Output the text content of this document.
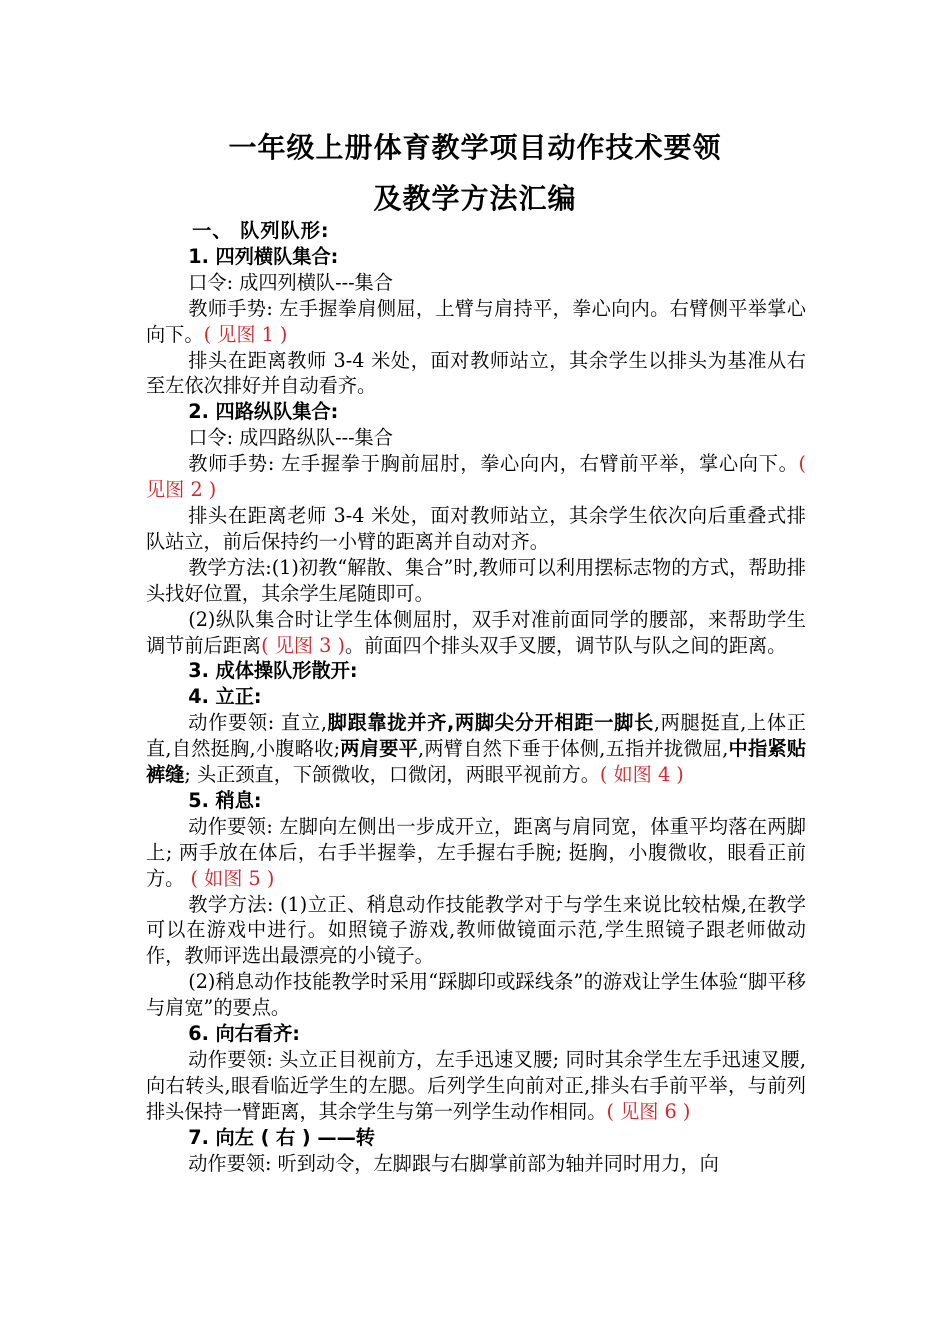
一年级上册体育教学项目动作技术要领
及教学方法汇编

一、 队列队形:

1. 四列横队集合:

口令: 成四列横队---集合

教师手势: 左手握拳肩侧屈，上臂与肩持平，拳心向内。右臂侧平举掌心向下。( 见图 1 )

排头在距离教师 3-4 米处，面对教师站立，其余学生以排头为基准从右至左依次排好并自动看齐。

2. 四路纵队集合:

口令: 成四路纵队---集合

教师手势: 左手握拳于胸前屈肘，拳心向内，右臂前平举，掌心向下。( 见图 2 )

排头在距离老师 3-4 米处，面对教师站立，其余学生依次向后重叠式排队站立，前后保持约一小臂的距离并自动对齐。

教学方法:(1)初教“解散、集合”时,教师可以利用摆标志物的方式，帮助排头找好位置，其余学生尾随即可。

(2)纵队集合时让学生体侧屈肘，双手对准前面同学的腰部，来帮助学生调节前后距离( 见图 3 )。前面四个排头双手叉腰，调节队与队之间的距离。

3. 成体操队形散开:

4. 立正:

动作要领: 直立,脚跟靠拢并齐,两脚尖分开相距一脚长,两腿挺直,上体正直,自然挺胸,小腹略收;两肩要平,两臂自然下垂于体侧,五指并拢微屈,中指紧贴裤缝; 头正颈直，下颌微收，口微闭，两眼平视前方。( 如图 4 )

5. 稍息:

动作要领: 左脚向左侧出一步成开立，距离与肩同宽，体重平均落在两脚上; 两手放在体后，右手半握拳，左手握右手腕; 挺胸，小腹微收，眼看正前方。 ( 如图 5 )

教学方法: (1)立正、稍息动作技能教学对于与学生来说比较枯燥,在教学可以在游戏中进行。如照镜子游戏,教师做镜面示范,学生照镜子跟老师做动作，教师评选出最漂亮的小镜子。

(2)稍息动作技能教学时采用“踩脚印或踩线条”的游戏让学生体验“脚平移与肩宽”的要点。

6. 向右看齐:

动作要领: 头立正目视前方，左手迅速叉腰; 同时其余学生左手迅速叉腰,向右转头,眼看临近学生的左腮。后列学生向前对正,排头右手前平举，与前列排头保持一臂距离，其余学生与第一列学生动作相同。( 见图 6 )

7. 向左 ( 右 ) ——转

动作要领: 听到动令，左脚跟与右脚掌前部为轴并同时用力，向
